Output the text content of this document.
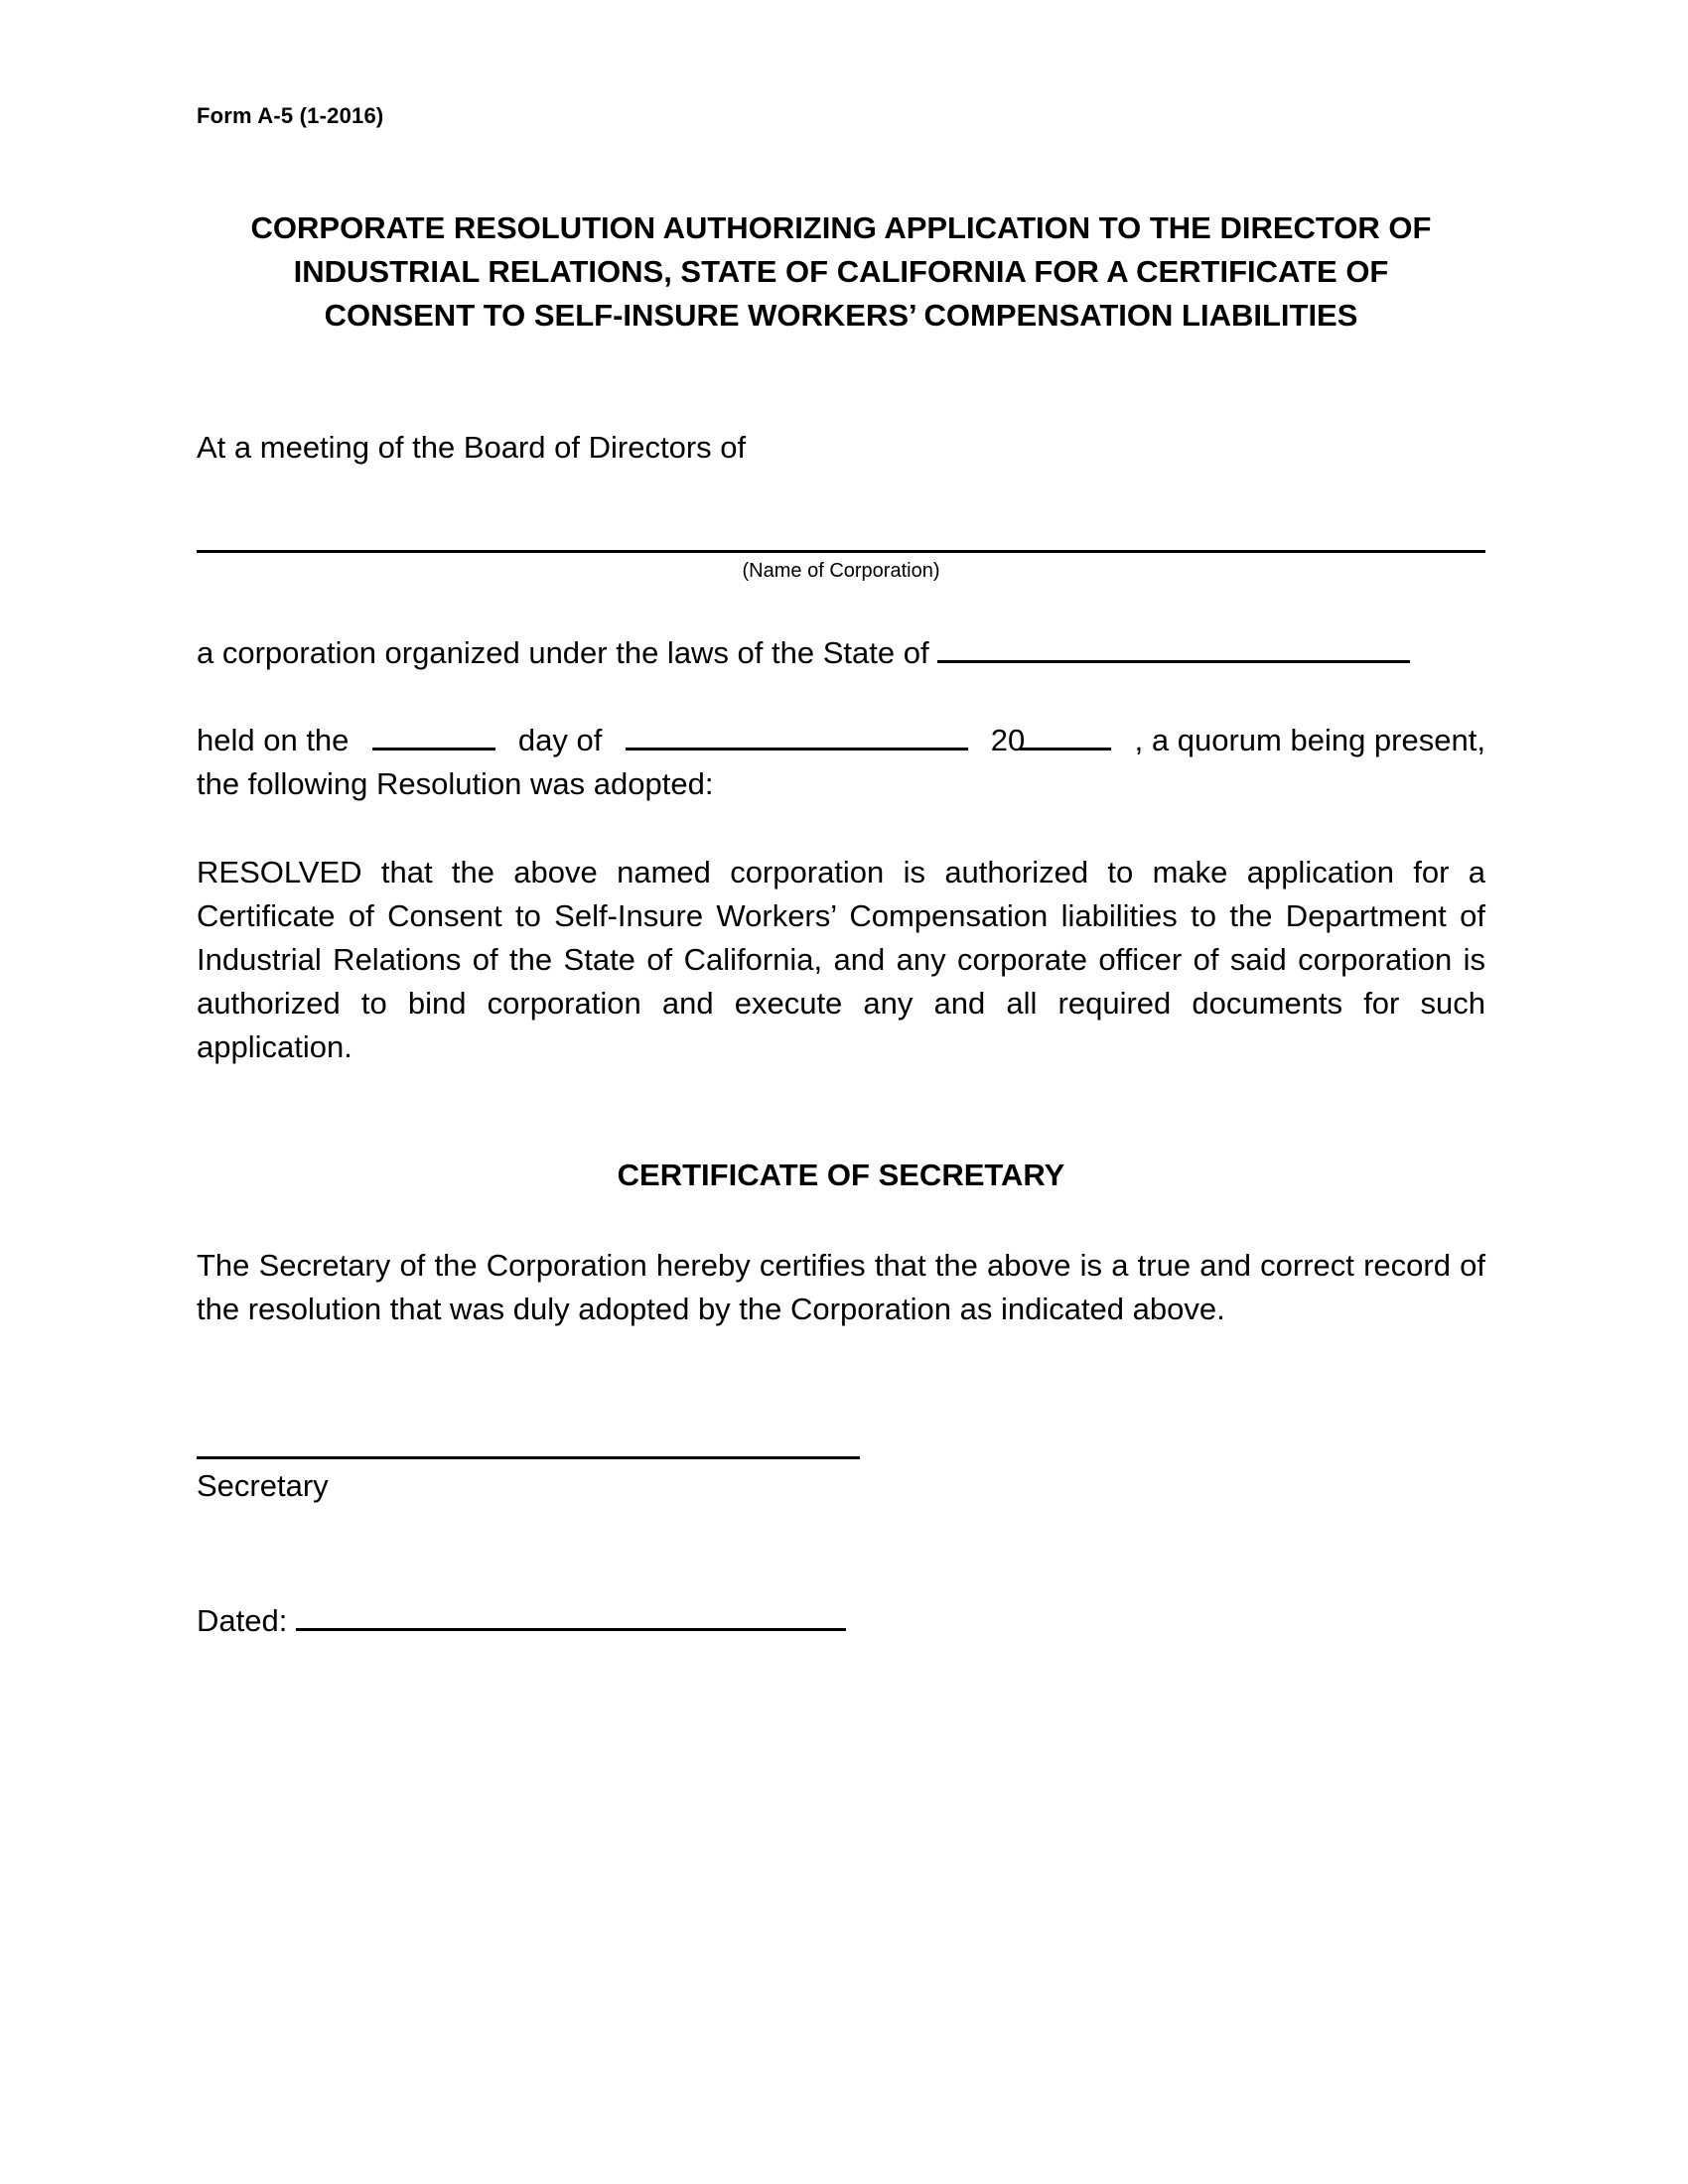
Form A-5 (1-2016)
CORPORATE RESOLUTION AUTHORIZING APPLICATION TO THE DIRECTOR OF
INDUSTRIAL RELATIONS, STATE OF CALIFORNIA FOR A CERTIFICATE OF
CONSENT TO SELF-INSURE WORKERS’ COMPENSATION LIABILITIES
At a meeting of the Board of Directors of
(Name of Corporation)
a corporation organized under the laws of the State of
held on the	day of	20	, a quorum being present,
the following Resolution was adopted:

RESOLVED that the above named corporation is authorized to make application for a Certificate of Consent to Self-Insure Workers’ Compensation liabilities to the Department of Industrial Relations of the State of California, and any corporate officer of said corporation is authorized to bind corporation and execute any and all required documents for such application.

CERTIFICATE OF SECRETARY

The Secretary of the Corporation hereby certifies that the above is a true and correct record of the resolution that was duly adopted by the Corporation as indicated above.

Secretary
Dated:
